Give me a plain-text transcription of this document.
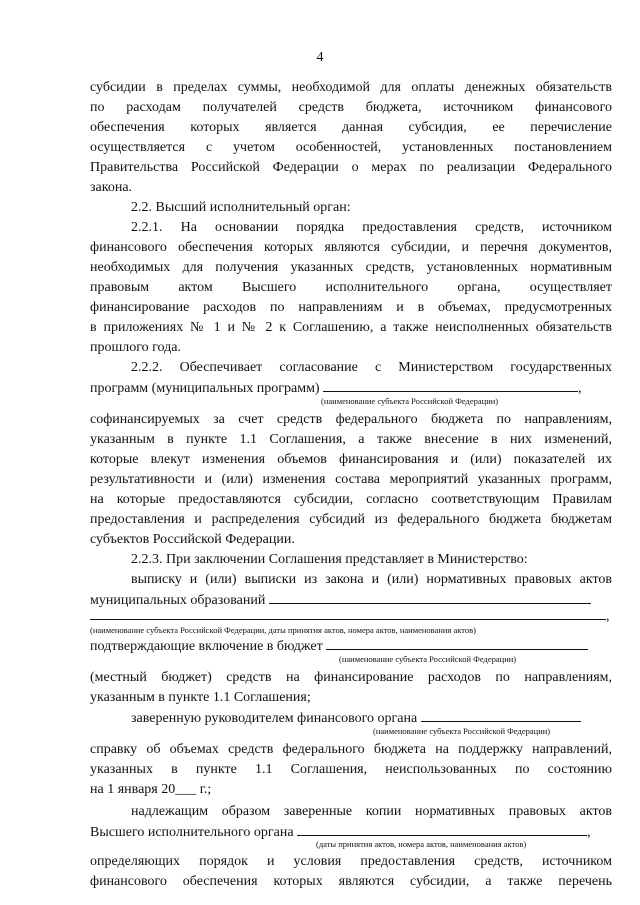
4
субсидии в пределах суммы, необходимой для оплаты денежных обязательств
по расходам получателей средств бюджета, источником финансового
обеспечения которых является данная субсидия, ее перечисление
осуществляется с учетом особенностей, установленных постановлением
Правительства Российской Федерации о мерах по реализации Федерального
закона.
2.2. Высший исполнительный орган:
2.2.1. На основании порядка предоставления средств, источником
финансового обеспечения которых являются субсидии, и перечня документов,
необходимых для получения указанных средств, установленных нормативным
правовым актом Высшего исполнительного органа, осуществляет
финансирование расходов по направлениям и в объемах, предусмотренных
в приложениях № 1 и № 2 к Соглашению, а также неисполненных обязательств
прошлого года.
2.2.2. Обеспечивает согласование с Министерством государственных
программ (муниципальных программ)	,
(наименование субъекта Российской Федерации)
софинансируемых за счет средств федерального бюджета по направлениям,
указанным в пункте 1.1 Соглашения, а также внесение в них изменений,
которые влекут изменения объемов финансирования и (или) показателей их
результативности и (или) изменения состава мероприятий указанных программ,
на которые предоставляются субсидии, согласно соответствующим Правилам
предоставления и распределения субсидий из федерального бюджета бюджетам
субъектов Российской Федерации.
2.2.3. При заключении Соглашения представляет в Министерство:
выписку и (или) выписки из закона и (или) нормативных правовых актов
муниципальных образований
,
(наименование субъекта Российской Федерации, даты принятия актов, номера актов, наименования актов)
подтверждающие включение в бюджет
(наименование субъекта Российской Федерации)
(местный бюджет) средств на финансирование расходов по направлениям,
указанным в пункте 1.1 Соглашения;
заверенную руководителем финансового органа
(наименование субъекта Российской Федерации)
справку об объемах средств федерального бюджета на поддержку направлений,
указанных в пункте 1.1 Соглашения, неиспользованных по состоянию
на 1 января 20___ г.;
надлежащим образом заверенные копии нормативных правовых актов
Высшего исполнительного органа	,
(даты принятия актов, номера актов, наименования актов)
определяющих порядок и условия предоставления средств, источником
финансового обеспечения которых являются субсидии, а также перечень
